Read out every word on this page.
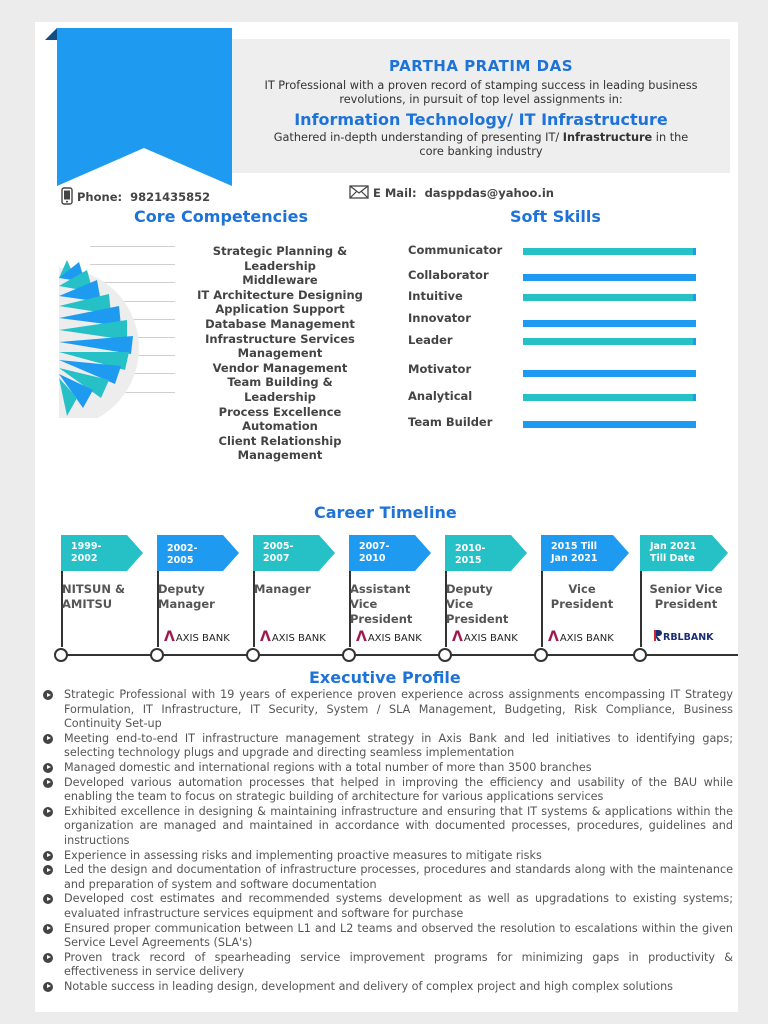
PARTHA PRATIM DAS
IT Professional with a proven record of stamping success in leading business revolutions, in pursuit of top level assignments in:
Information Technology/ IT Infrastructure
Gathered in-depth understanding of presenting IT/ Infrastructure in the core banking industry
Phone: 9821435852	E Mail: dasppdas@yahoo.in
Core Competencies	Soft Skills
Strategic Planning & Leadership
Middleware
IT Architecture Designing
Application Support
Database Management
Infrastructure Services Management
Vendor Management
Team Building & Leadership
Process Excellence Automation
Client Relationship Management
Communicator
Collaborator
Intuitive
Innovator
Leader
Motivator
Analytical
Team Builder
Career Timeline
1999-
2002
NITSUN &
AMITSU
2002-
2005
Deputy
Manager
ΛAXIS BANK
2005-
2007
Manager
ΛAXIS BANK
2007-
2010
Assistant
Vice
President
ΛAXIS BANK
2010-
2015
Deputy
Vice
President
ΛAXIS BANK
2015 Till
Jan 2021
Vice
President
ΛAXIS BANK
Jan 2021
Till Date
Senior Vice
President
RBLBANK
Executive Profile
Strategic Professional with 19 years of experience proven experience across assignments encompassing IT Strategy Formulation, IT Infrastructure, IT Security, System / SLA Management, Budgeting, Risk Compliance, Business Continuity Set-up
Meeting end-to-end IT infrastructure management strategy in Axis Bank and led initiatives to identifying gaps; selecting technology plugs and upgrade and directing seamless implementation
Managed domestic and international regions with a total number of more than 3500 branches
Developed various automation processes that helped in improving the efficiency and usability of the BAU while enabling the team to focus on strategic building of architecture for various applications services
Exhibited excellence in designing & maintaining infrastructure and ensuring that IT systems & applications within the organization are managed and maintained in accordance with documented processes, procedures, guidelines and instructions
Experience in assessing risks and implementing proactive measures to mitigate risks
Led the design and documentation of infrastructure processes, procedures and standards along with the maintenance and preparation of system and software documentation
Developed cost estimates and recommended systems development as well as upgradations to existing systems; evaluated infrastructure services equipment and software for purchase
Ensured proper communication between L1 and L2 teams and observed the resolution to escalations within the given Service Level Agreements (SLA's)
Proven track record of spearheading service improvement programs for minimizing gaps in productivity & effectiveness in service delivery
Notable success in leading design, development and delivery of complex project and high complex solutions
